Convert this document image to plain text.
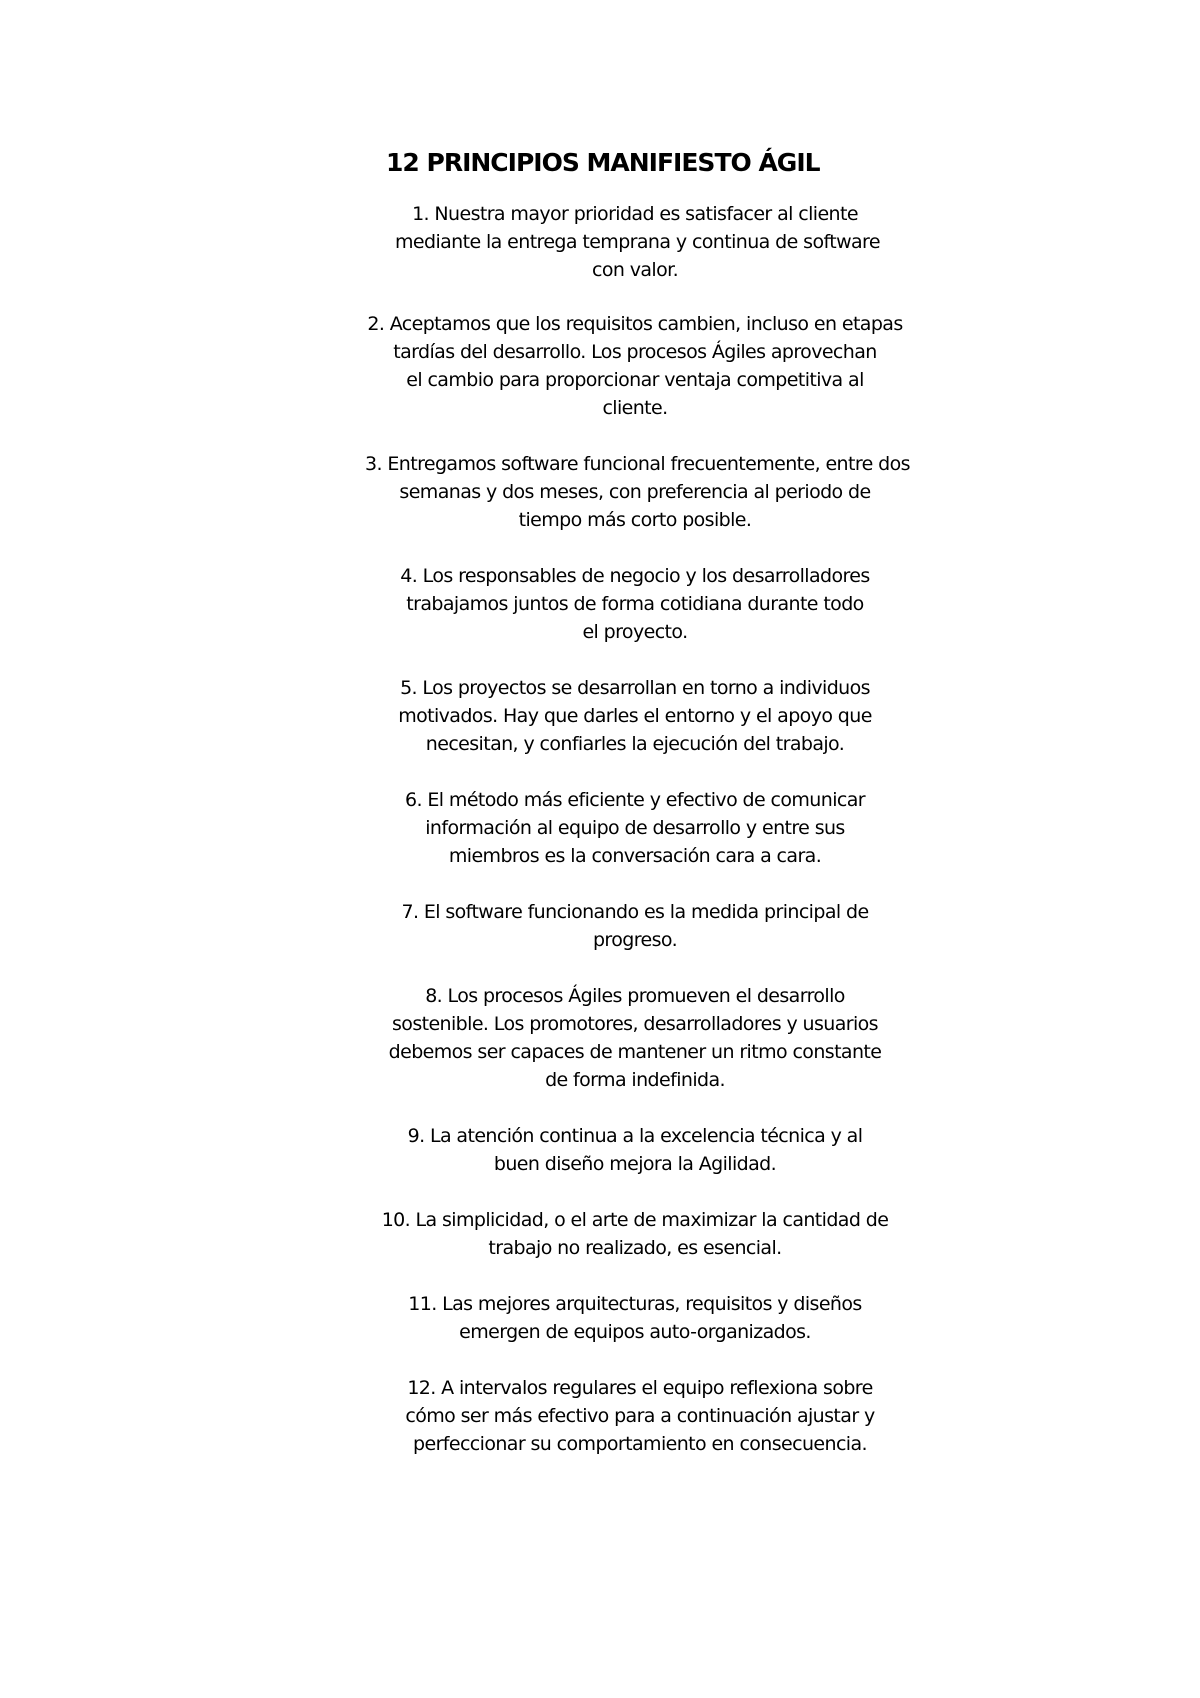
12 PRINCIPIOS MANIFIESTO ÁGIL
1. Nuestra mayor prioridad es satisfacer al cliente
mediante la entrega temprana y continua de software
con valor.
2. Aceptamos que los requisitos cambien, incluso en etapas
tardías del desarrollo. Los procesos Ágiles aprovechan
el cambio para proporcionar ventaja competitiva al
cliente.
3. Entregamos software funcional frecuentemente, entre dos
semanas y dos meses, con preferencia al periodo de
tiempo más corto posible.
4. Los responsables de negocio y los desarrolladores
trabajamos juntos de forma cotidiana durante todo
el proyecto.
5. Los proyectos se desarrollan en torno a individuos
motivados. Hay que darles el entorno y el apoyo que
necesitan, y confiarles la ejecución del trabajo.
6. El método más eficiente y efectivo de comunicar
información al equipo de desarrollo y entre sus
miembros es la conversación cara a cara.
7. El software funcionando es la medida principal de
progreso.
8. Los procesos Ágiles promueven el desarrollo
sostenible. Los promotores, desarrolladores y usuarios
debemos ser capaces de mantener un ritmo constante
de forma indefinida.
9. La atención continua a la excelencia técnica y al
buen diseño mejora la Agilidad.
10. La simplicidad, o el arte de maximizar la cantidad de
trabajo no realizado, es esencial.
11. Las mejores arquitecturas, requisitos y diseños
emergen de equipos auto-organizados.
12. A intervalos regulares el equipo reflexiona sobre
cómo ser más efectivo para a continuación ajustar y
perfeccionar su comportamiento en consecuencia.
